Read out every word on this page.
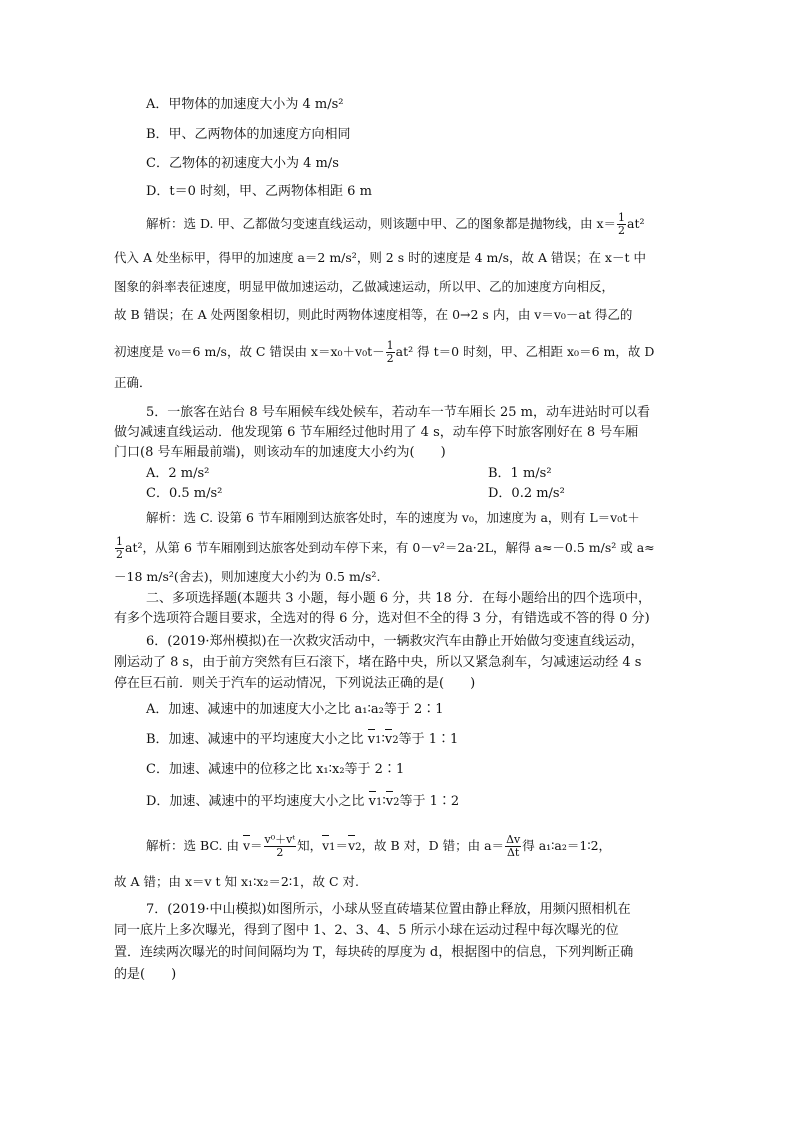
A．甲物体的加速度大小为 4 m/s²
B．甲、乙两物体的加速度方向相同
C．乙物体的初速度大小为 4 m/s
D．t＝0 时刻，甲、乙两物体相距 6 m
解析：选 D. 甲、乙都做匀变速直线运动，则该题中甲、乙的图象都是抛物线，由 $x= \frac{1}{2} at^2$
代入 A 处坐标甲，得甲的加速度 a＝2 m/s²，则 2 s 时的速度是 4 m/s，故 A 错误；在 x－t 中
图象的斜率表征速度，明显甲做加速运动，乙做减速运动，所以甲、乙的加速度方向相反，
故 B 错误；在 A 处两图象相切，则此时两物体速度相等，在 0→2 s 内，由 v＝v₀－at 得乙的
初速度是 v₀＝6 m/s，故 C 错误由 $x=x_0+v_0t- \frac{1}{2} at^2$ 得 t＝0 时刻，甲、乙相距 x₀＝6 m，故 D
正确．
5．一旅客在站台 8 号车厢候车线处候车，若动车一节车厢长 25 m，动车进站时可以看
做匀减速直线运动．他发现第 6 节车厢经过他时用了 4 s，动车停下时旅客刚好在 8 号车厢
门口(8 号车厢最前端)，则该动车的加速度大小约为(　　)
A．2 m/s²	B．1 m/s²
C．0.5 m/s²	D．0.2 m/s²
解析：选 C. 设第 6 节车厢刚到达旅客处时，车的速度为 v₀，加速度为 a，则有 L＝v₀t＋
$\frac{1}{2} at^2$，从第 6 节车厢刚到达旅客处到动车停下来，有 0－v²＝2a·2L，解得 a≈－0.5 m/s² 或 a≈
－18 m/s²(舍去)，则加速度大小约为 0.5 m/s².
二、多项选择题(本题共 3 小题，每小题 6 分，共 18 分．在每小题给出的四个选项中，
有多个选项符合题目要求，全选对的得 6 分，选对但不全的得 3 分，有错选或不答的得 0 分)
6．(2019·郑州模拟)在一次救灾活动中，一辆救灾汽车由静止开始做匀变速直线运动，
刚运动了 8 s，由于前方突然有巨石滚下，堵在路中央，所以又紧急刹车，匀减速运动经 4 s
停在巨石前．则关于汽车的运动情况，下列说法正确的是(　　)
A．加速、减速中的加速度大小之比 a₁∶a₂等于 2∶1
B．加速、减速中的平均速度大小之比 v1∶v2等于 1∶1
C．加速、减速中的位移之比 x₁∶x₂等于 2∶1
D．加速、减速中的平均速度大小之比 v1∶v2等于 1∶2
解析：选 BC. 由 $v= \frac{\text{v⁰＋vᵗ}}{2}$ 知，v1＝v2，故 B 对，D 错；由 $a= \frac{\Delta v}{\Delta t}$ 得 a₁∶a₂＝1∶2，
故 A 错；由 x＝v t 知 x₁∶x₂＝2∶1，故 C 对.
7．(2019·中山模拟)如图所示，小球从竖直砖墙某位置由静止释放，用频闪照相机在
同一底片上多次曝光，得到了图中 1、2、3、4、5 所示小球在运动过程中每次曝光的位
置．连续两次曝光的时间间隔均为 T，每块砖的厚度为 d，根据图中的信息，下列判断正确
的是(　　)
